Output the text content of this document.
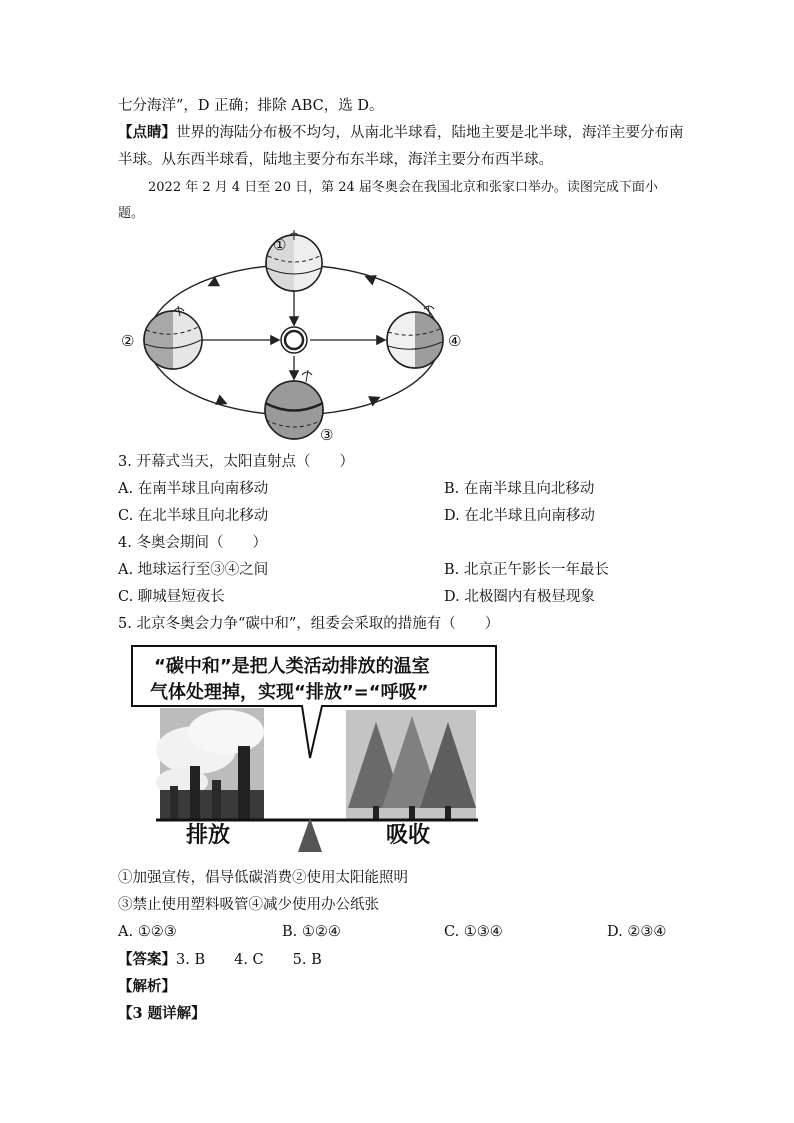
七分海洋”，D 正确；排除 ABC，选 D。
【点睛】世界的海陆分布极不均匀，从南北半球看，陆地主要是北半球，海洋主要分布南
半球。从东西半球看，陆地主要分布东半球，海洋主要分布西半球。
2022 年 2 月 4 日至 20 日，第 24 届冬奥会在我国北京和张家口举办。读图完成下面小
题。
①
②	④
③
3. 开幕式当天，太阳直射点（　　）
A. 在南半球且向南移动	B. 在南半球且向北移动
C. 在北半球且向北移动	D. 在北半球且向南移动
4. 冬奥会期间（　　）
A. 地球运行至③④之间	B. 北京正午影长一年最长
C. 聊城昼短夜长	D. 北极圈内有极昼现象
5. 北京冬奥会力争“碳中和”，组委会采取的措施有（　　）
“碳中和”是把人类活动排放的温室
气体处理掉，实现“排放”=“呼吸”
排放	吸收
①加强宣传，倡导低碳消费②使用太阳能照明
③禁止使用塑料吸管④减少使用办公纸张
A. ①②③	B. ①②④	C. ①③④	D. ②③④
【答案】3. B　　4. C　　5. B
【解析】
【3 题详解】
